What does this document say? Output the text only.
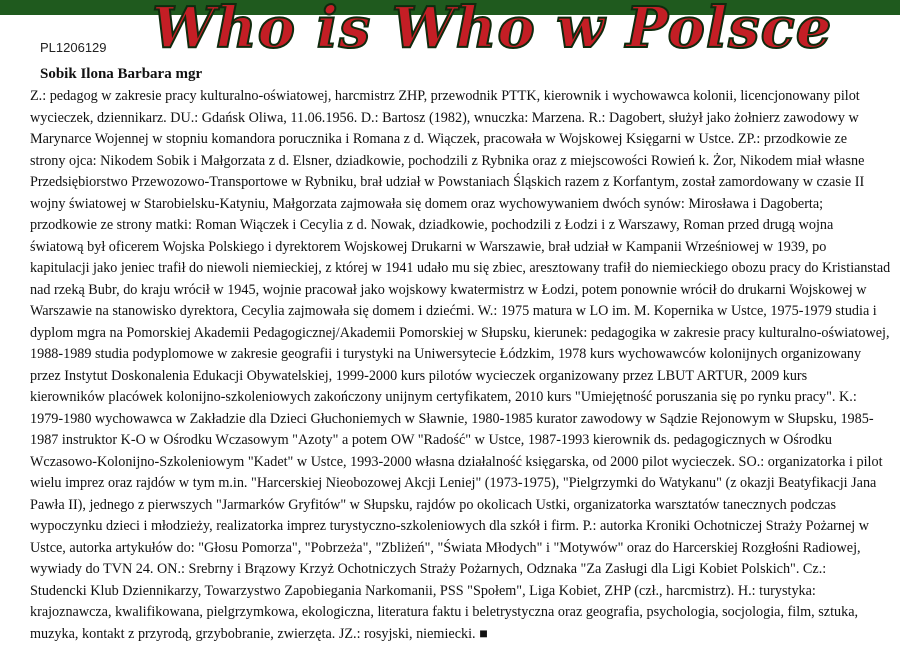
Who is Who w Polsce
PL1206129
Sobik Ilona Barbara mgr
Z.: pedagog w zakresie pracy kulturalno-oświatowej, harcmistrz ZHP, przewodnik PTTK, kierownik i wychowawca kolonii, licencjonowany pilot
wycieczek, dziennikarz. DU.: Gdańsk Oliwa, 11.06.1956. D.: Bartosz (1982), wnuczka: Marzena. R.: Dagobert, służył jako żołnierz zawodowy w
Marynarce Wojennej w stopniu komandora porucznika i Romana z d. Wiączek, pracowała w Wojskowej Księgarni w Ustce. ZP.: przodkowie ze
strony ojca: Nikodem Sobik i Małgorzata z d. Elsner, dziadkowie, pochodzili z Rybnika oraz z miejscowości Rowień k. Żor, Nikodem miał własne
Przedsiębiorstwo Przewozowo-Transportowe w Rybniku, brał udział w Powstaniach Śląskich razem z Korfantym, został zamordowany w czasie II
wojny światowej w Starobielsku-Katyniu, Małgorzata zajmowała się domem oraz wychowywaniem dwóch synów: Mirosława i Dagoberta;
przodkowie ze strony matki: Roman Wiączek i Cecylia z d. Nowak, dziadkowie, pochodzili z Łodzi i z Warszawy, Roman przed drugą wojna
światową był oficerem Wojska Polskiego i dyrektorem Wojskowej Drukarni w Warszawie, brał udział w Kampanii Wrześniowej w 1939, po
kapitulacji jako jeniec trafił do niewoli niemieckiej, z której w 1941 udało mu się zbiec, aresztowany trafił do niemieckiego obozu pracy do Kristianstad
nad rzeką Bubr, do kraju wrócił w 1945, wojnie pracował jako wojskowy kwatermistrz w Łodzi, potem ponownie wrócił do drukarni Wojskowej w
Warszawie na stanowisko dyrektora, Cecylia zajmowała się domem i dziećmi. W.: 1975 matura w LO im. M. Kopernika w Ustce, 1975-1979 studia i
dyplom mgra na Pomorskiej Akademii Pedagogicznej/Akademii Pomorskiej w Słupsku, kierunek: pedagogika w zakresie pracy kulturalno-oświatowej,
1988-1989 studia podyplomowe w zakresie geografii i turystyki na Uniwersytecie Łódzkim, 1978 kurs wychowawców kolonijnych organizowany
przez Instytut Doskonalenia Edukacji Obywatelskiej, 1999-2000 kurs pilotów wycieczek organizowany przez LBUT ARTUR, 2009 kurs
kierowników placówek kolonijno-szkoleniowych zakończony unijnym certyfikatem, 2010 kurs "Umiejętność poruszania się po rynku pracy". K.:
1979-1980 wychowawca w Zakładzie dla Dzieci Głuchoniemych w Sławnie, 1980-1985 kurator zawodowy w Sądzie Rejonowym w Słupsku, 1985-
1987 instruktor K-O w Ośrodku Wczasowym "Azoty" a potem OW "Radość" w Ustce, 1987-1993 kierownik ds. pedagogicznych w Ośrodku
Wczasowo-Kolonijno-Szkoleniowym "Kadet" w Ustce, 1993-2000 własna działalność księgarska, od 2000 pilot wycieczek. SO.: organizatorka i pilot
wielu imprez oraz rajdów w tym m.in. "Harcerskiej Nieobozowej Akcji Leniej" (1973-1975), "Pielgrzymki do Watykanu" (z okazji Beatyfikacji Jana
Pawła II), jednego z pierwszych "Jarmarków Gryfitów" w Słupsku, rajdów po okolicach Ustki, organizatorka warsztatów tanecznych podczas
wypoczynku dzieci i młodzieży, realizatorka imprez turystyczno-szkoleniowych dla szkół i firm. P.: autorka Kroniki Ochotniczej Straży Pożarnej w
Ustce, autorka artykułów do: "Głosu Pomorza", "Pobrzeża", "Zbliżeń", "Świata Młodych" i "Motywów" oraz do Harcerskiej Rozgłośni Radiowej,
wywiady do TVN 24. ON.: Srebrny i Brązowy Krzyż Ochotniczych Straży Pożarnych, Odznaka "Za Zasługi dla Ligi Kobiet Polskich". Cz.:
Studencki Klub Dziennikarzy, Towarzystwo Zapobiegania Narkomanii, PSS "Społem", Liga Kobiet, ZHP (czł., harcmistrz). H.: turystyka:
krajoznawcza, kwalifikowana, pielgrzymkowa, ekologiczna, literatura faktu i beletrystyczna oraz geografia, psychologia, socjologia, film, sztuka,
muzyka, kontakt z przyrodą, grzybobranie, zwierzęta. JZ.: rosyjski, niemiecki. ■
